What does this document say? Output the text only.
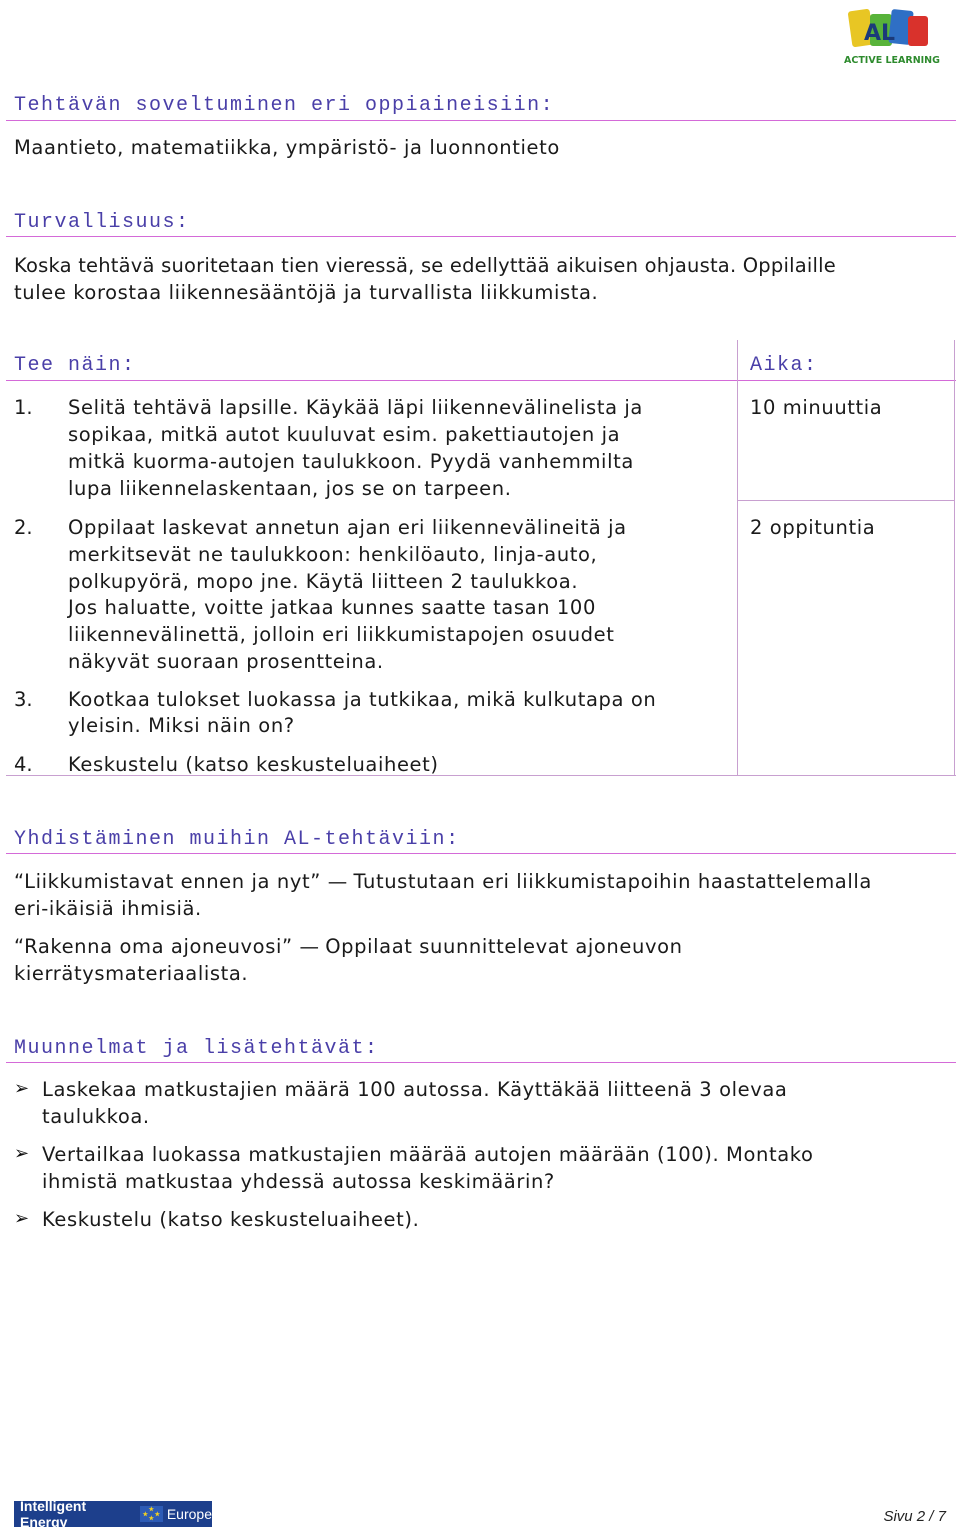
AL
ACTIVE LEARNING
Tehtävän soveltuminen eri oppiaineisiin:
Maantieto, matematiikka, ympäristö- ja luonnontieto
Turvallisuus:
Koska tehtävä suoritetaan tien vieressä, se edellyttää aikuisen ohjausta. Oppilaille
tulee korostaa liikennesääntöjä ja turvallista liikkumista.
Tee näin:	Aika:
1. Selitä tehtävä lapsille. Käykää läpi liikennevälinelista ja
sopikaa, mitkä autot kuuluvat esim. pakettiautojen ja
mitkä kuorma-autojen taulukkoon. Pyydä vanhemmilta
lupa liikennelaskentaan, jos se on tarpeen.
10 minuuttia
2. Oppilaat laskevat annetun ajan eri liikennevälineitä ja
merkitsevät ne taulukkoon: henkilöauto, linja-auto,
polkupyörä, mopo jne. Käytä liitteen 2 taulukkoa.
Jos haluatte, voitte jatkaa kunnes saatte tasan 100
liikennevälinettä, jolloin eri liikkumistapojen osuudet
näkyvät suoraan prosentteina.
2 oppituntia
3. Kootkaa tulokset luokassa ja tutkikaa, mikä kulkutapa on
yleisin. Miksi näin on?
4. Keskustelu (katso keskusteluaiheet)
Yhdistäminen muihin AL-tehtäviin:
“Liikkumistavat ennen ja nyt” — Tutustutaan eri liikkumistapoihin haastattelemalla
eri-ikäisiä ihmisiä.
“Rakenna oma ajoneuvosi” — Oppilaat suunnittelevat ajoneuvon
kierrätysmateriaalista.
Muunnelmat ja lisätehtävät:
➢ Laskekaa matkustajien määrä 100 autossa. Käyttäkää liitteenä 3 olevaa
taulukkoa.
➢ Vertailkaa luokassa matkustajien määrää autojen määrään (100). Montako
ihmistä matkustaa yhdessä autossa keskimäärin?
➢ Keskustelu (katso keskusteluaiheet).
Intelligent Energy
★
★ ★
★ Europe	Sivu 2 / 7
